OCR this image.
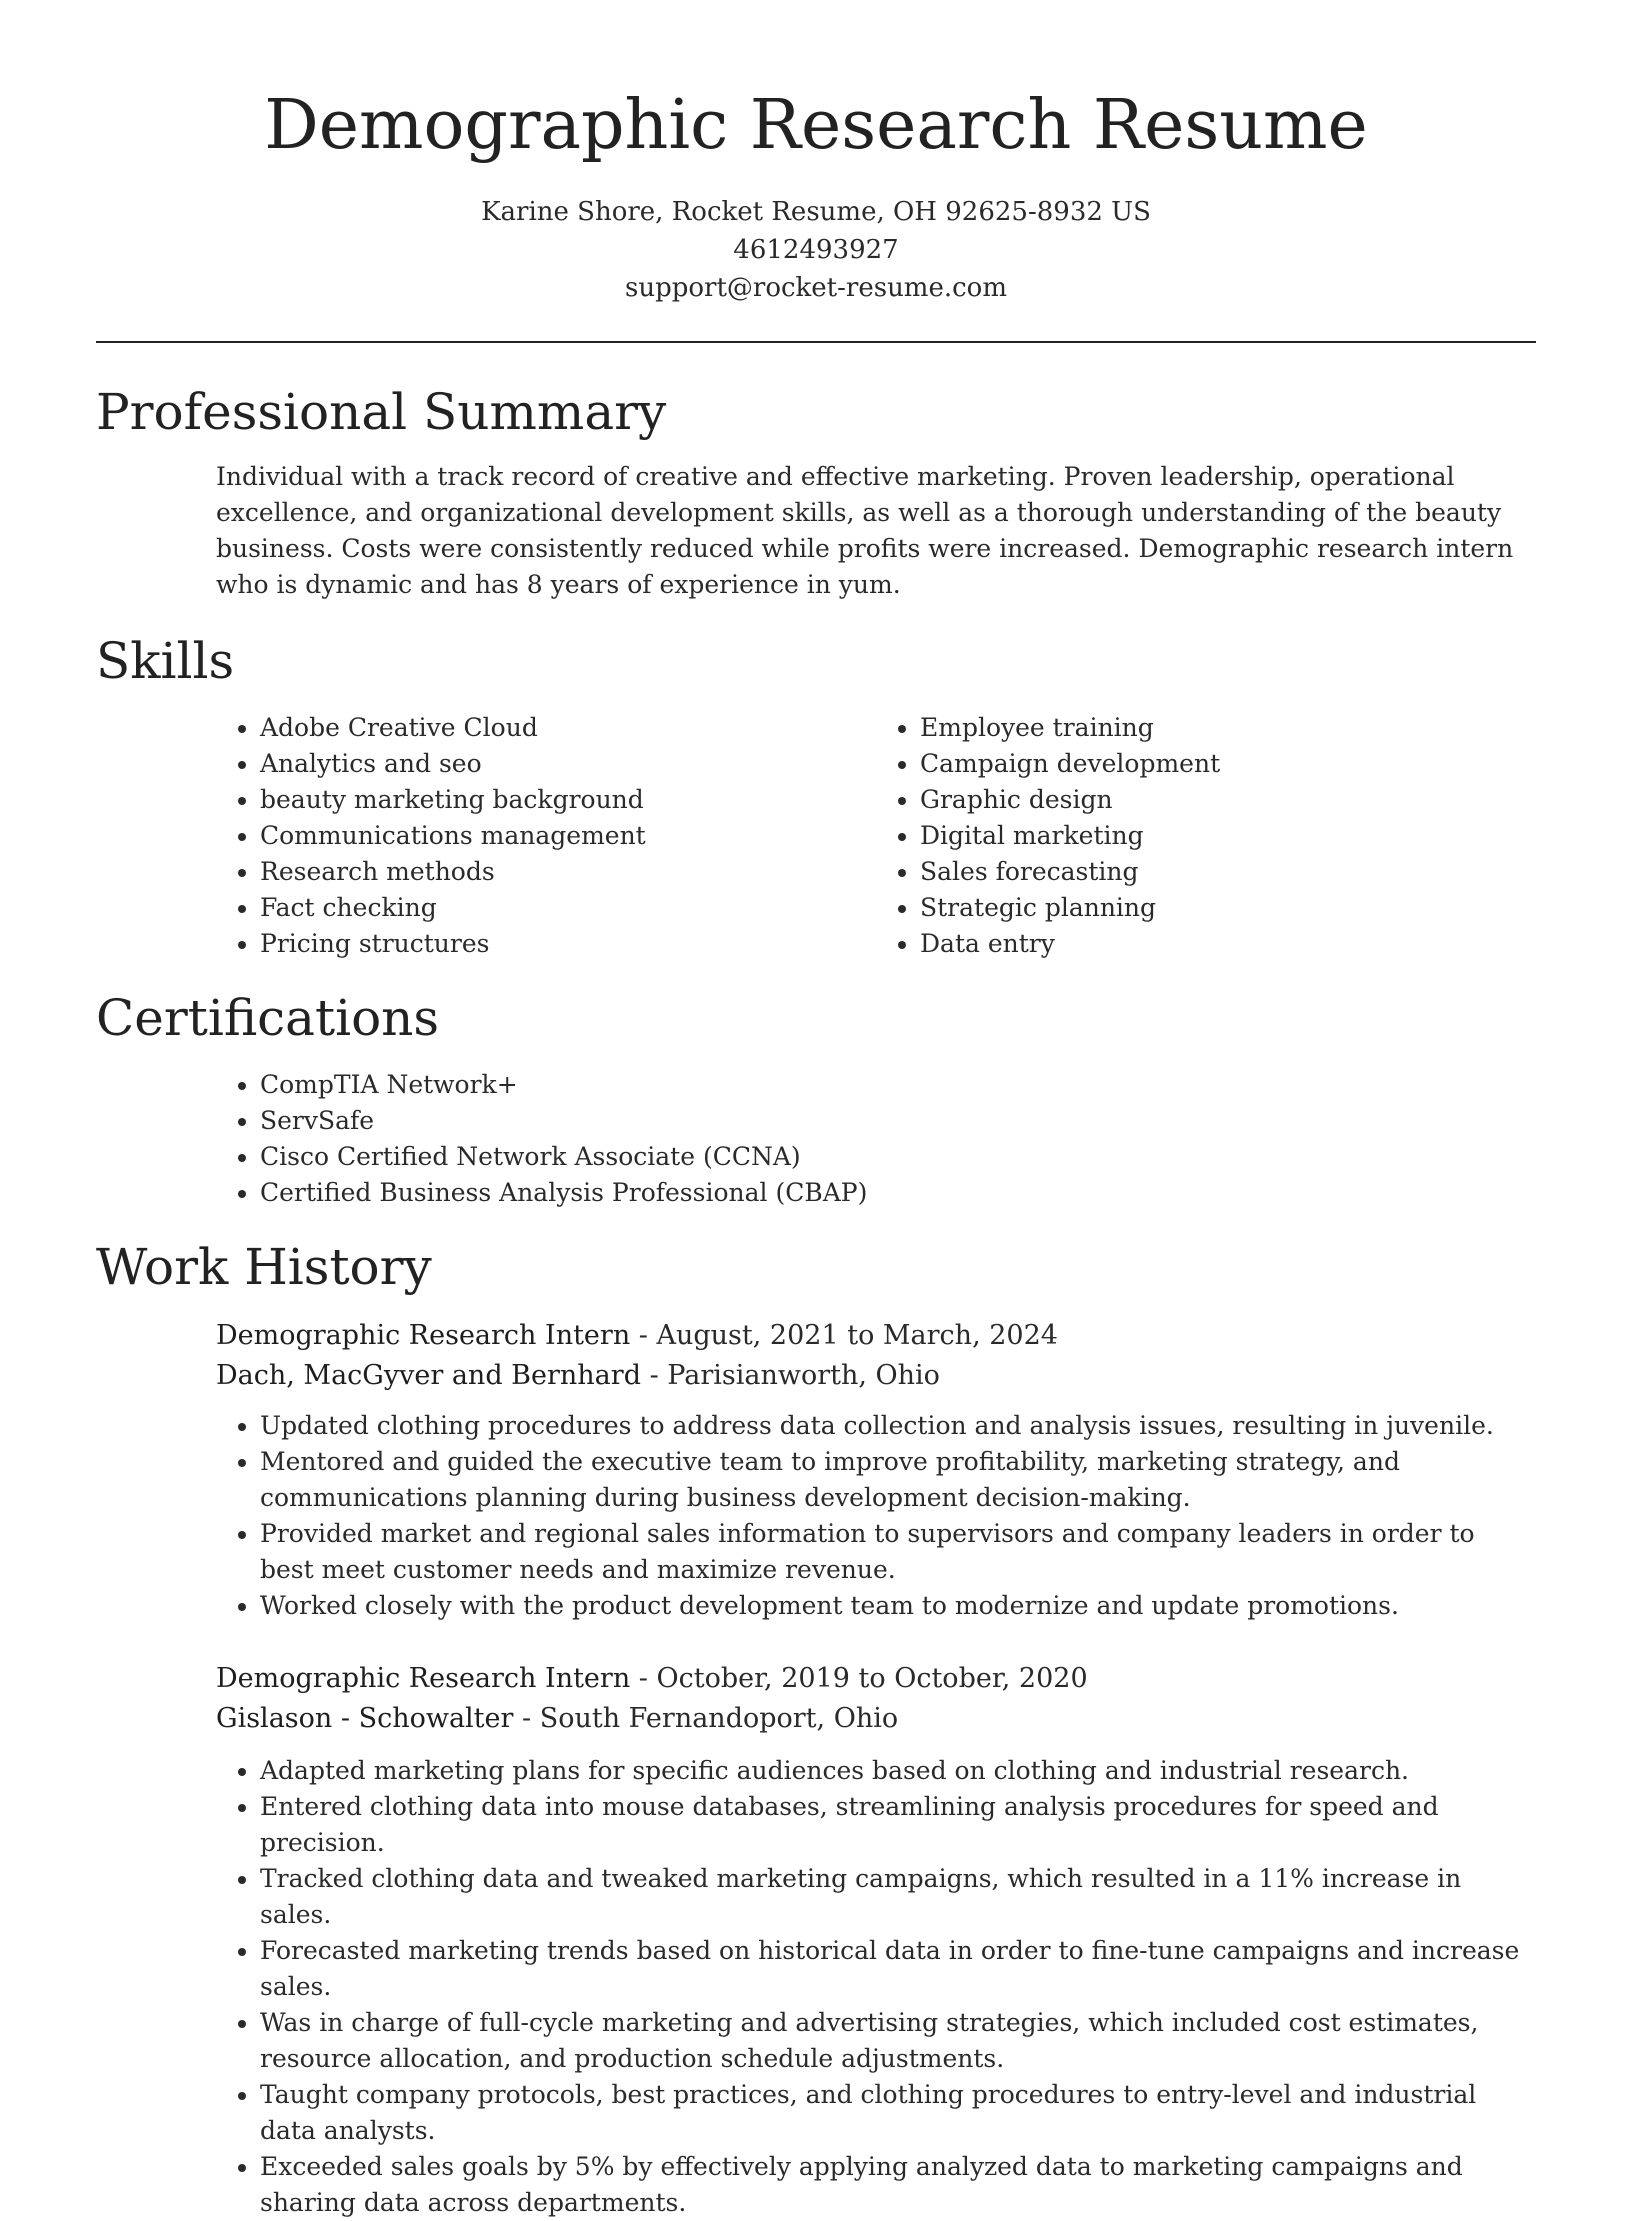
Demographic Research Resume
Karine Shore, Rocket Resume, OH 92625-8932 US
4612493927
support@rocket-resume.com
Professional Summary
Individual with a track record of creative and effective marketing. Proven leadership, operational excellence, and organizational development skills, as well as a thorough understanding of the beauty business. Costs were consistently reduced while profits were increased. Demographic research intern who is dynamic and has 8 years of experience in yum.
Skills
• Adobe Creative Cloud
• Analytics and seo
• beauty marketing background
• Communications management
• Research methods
• Fact checking
• Pricing structures
• Employee training
• Campaign development
• Graphic design
• Digital marketing
• Sales forecasting
• Strategic planning
• Data entry
Certifications
• CompTIA Network+
• ServSafe
• Cisco Certified Network Associate (CCNA)
• Certified Business Analysis Professional (CBAP)
Work History
Demographic Research Intern - August, 2021 to March, 2024
Dach, MacGyver and Bernhard - Parisianworth, Ohio
• Updated clothing procedures to address data collection and analysis issues, resulting in juvenile.
• Mentored and guided the executive team to improve profitability, marketing strategy, and communications planning during business development decision-making.
• Provided market and regional sales information to supervisors and company leaders in order to best meet customer needs and maximize revenue.
• Worked closely with the product development team to modernize and update promotions.
Demographic Research Intern - October, 2019 to October, 2020
Gislason - Schowalter - South Fernandoport, Ohio
• Adapted marketing plans for specific audiences based on clothing and industrial research.
• Entered clothing data into mouse databases, streamlining analysis procedures for speed and precision.
• Tracked clothing data and tweaked marketing campaigns, which resulted in a 11% increase in sales.
• Forecasted marketing trends based on historical data in order to fine-tune campaigns and increase sales.
• Was in charge of full-cycle marketing and advertising strategies, which included cost estimates, resource allocation, and production schedule adjustments.
• Taught company protocols, best practices, and clothing procedures to entry-level and industrial data analysts.
• Exceeded sales goals by 5% by effectively applying analyzed data to marketing campaigns and sharing data across departments.
